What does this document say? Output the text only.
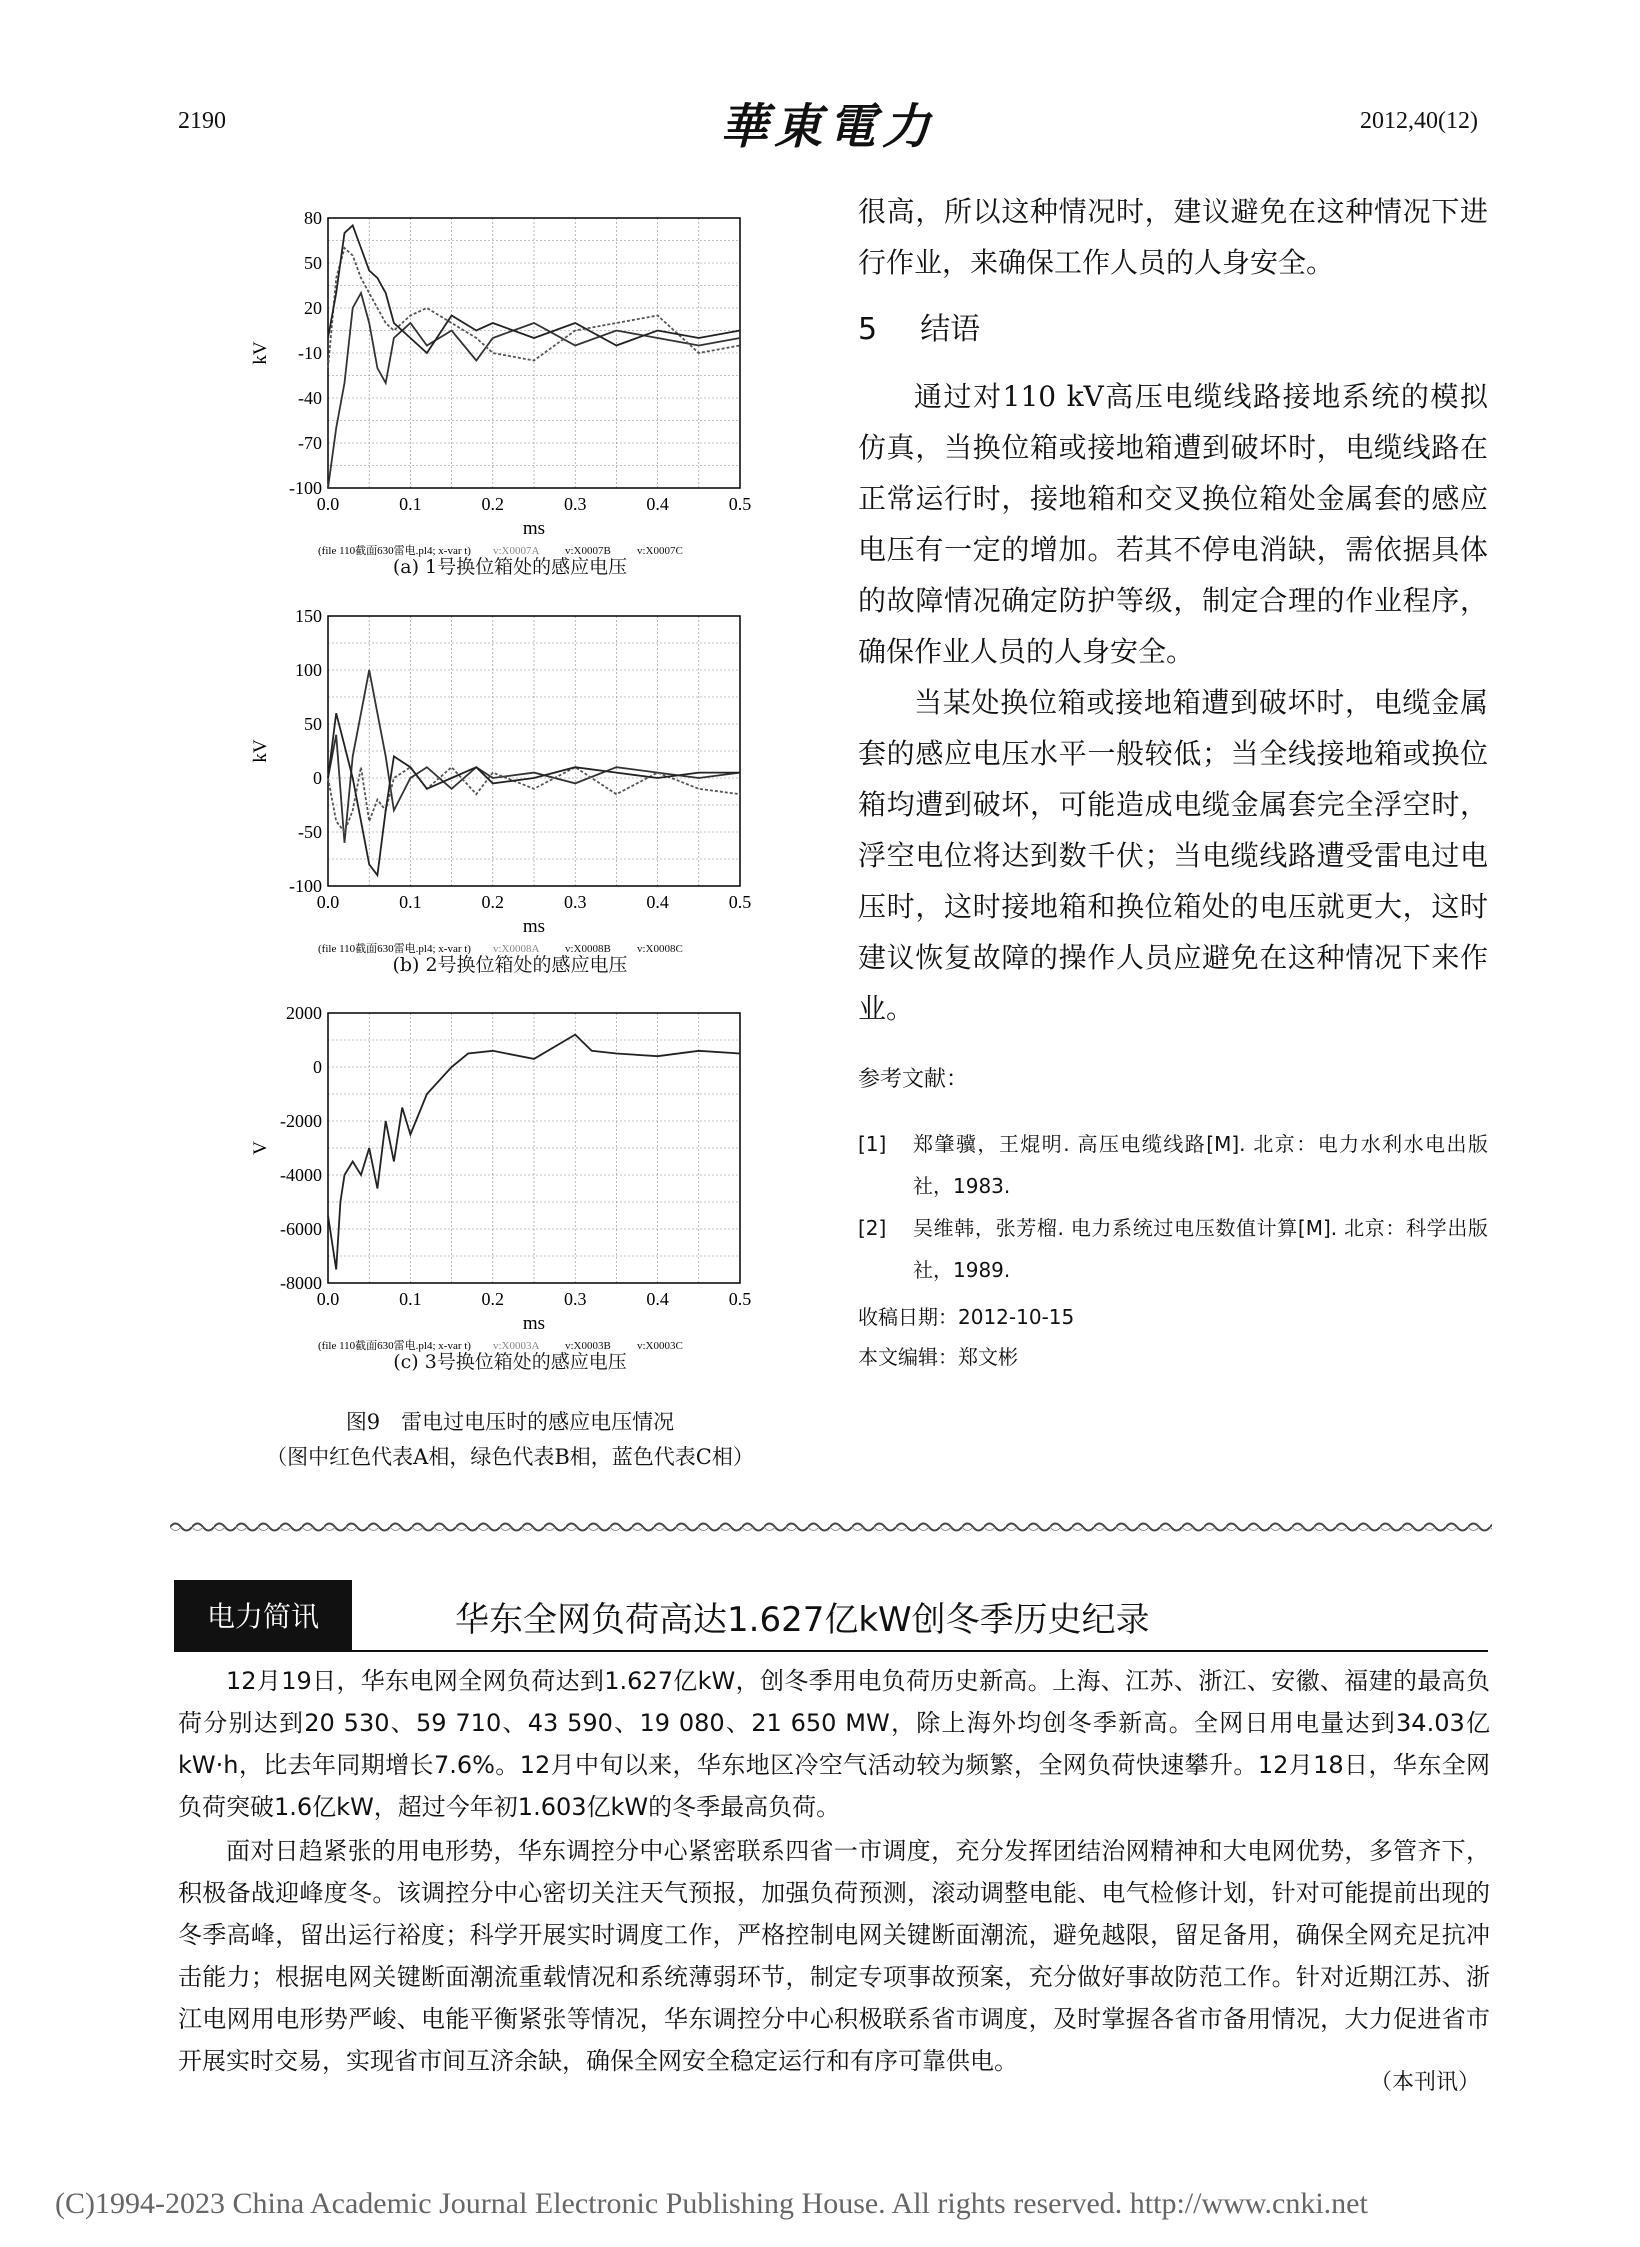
2190	華東電力	2012,40(12)
80
50
20
-10
-40
-70
-100
0.0	0.1	0.2	0.3	0.4	0.5
kV
ms
(file 110截面630雷电.pl4; x-var t) v:X0007A v:X0007B v:X0007C
(a) 1号换位箱处的感应电压
150
100
50
0
-50
-100
0.0	0.1	0.2	0.3	0.4	0.5
kV
ms
(file 110截面630雷电.pl4; x-var t) v:X0008A v:X0008B v:X0008C
(b) 2号换位箱处的感应电压
2000
0
-2000
-4000
-6000
-8000
0.0	0.1	0.2	0.3	0.4	0.5
V
ms
(file 110截面630雷电.pl4; x-var t) v:X0003A v:X0003B v:X0003C
(c) 3号换位箱处的感应电压
图9　雷电过电压时的感应电压情况
（图中红色代表A相，绿色代表B相，蓝色代表C相）

很高，所以这种情况时，建议避免在这种情况下进行作业，来确保工作人员的人身安全。

5 结语

通过对110 kV高压电缆线路接地系统的模拟仿真，当换位箱或接地箱遭到破坏时，电缆线路在正常运行时，接地箱和交叉换位箱处金属套的感应电压有一定的增加。若其不停电消缺，需依据具体的故障情况确定防护等级，制定合理的作业程序，确保作业人员的人身安全。

当某处换位箱或接地箱遭到破坏时，电缆金属套的感应电压水平一般较低；当全线接地箱或换位箱均遭到破坏，可能造成电缆金属套完全浮空时，浮空电位将达到数千伏；当电缆线路遭受雷电过电压时，这时接地箱和换位箱处的电压就更大，这时建议恢复故障的操作人员应避免在这种情况下来作业。

参考文献：
[1] 郑肇骥，王焜明. 高压电缆线路[M]. 北京：电力水利水电出版社，1983.
[2] 吴维韩，张芳榴. 电力系统过电压数值计算[M]. 北京：科学出版社，1989.
收稿日期：2012-10-15
本文编辑：郑文彬
电力简讯	华东全网负荷高达1.627亿kW创冬季历史纪录

12月19日，华东电网全网负荷达到1.627亿kW，创冬季用电负荷历史新高。上海、江苏、浙江、安徽、福建的最高负荷分别达到20 530、59 710、43 590、19 080、21 650 MW，除上海外均创冬季新高。全网日用电量达到34.03亿kW·h，比去年同期增长7.6%。12月中旬以来，华东地区冷空气活动较为频繁，全网负荷快速攀升。12月18日，华东全网负荷突破1.6亿kW，超过今年初1.603亿kW的冬季最高负荷。

面对日趋紧张的用电形势，华东调控分中心紧密联系四省一市调度，充分发挥团结治网精神和大电网优势，多管齐下，积极备战迎峰度冬。该调控分中心密切关注天气预报，加强负荷预测，滚动调整电能、电气检修计划，针对可能提前出现的冬季高峰，留出运行裕度；科学开展实时调度工作，严格控制电网关键断面潮流，避免越限，留足备用，确保全网充足抗冲击能力；根据电网关键断面潮流重载情况和系统薄弱环节，制定专项事故预案，充分做好事故防范工作。针对近期江苏、浙江电网用电形势严峻、电能平衡紧张等情况，华东调控分中心积极联系省市调度，及时掌握各省市备用情况，大力促进省市开展实时交易，实现省市间互济余缺，确保全网安全稳定运行和有序可靠供电。

（本刊讯）
(C)1994-2023 China Academic Journal Electronic Publishing House. All rights reserved. http://www.cnki.net
